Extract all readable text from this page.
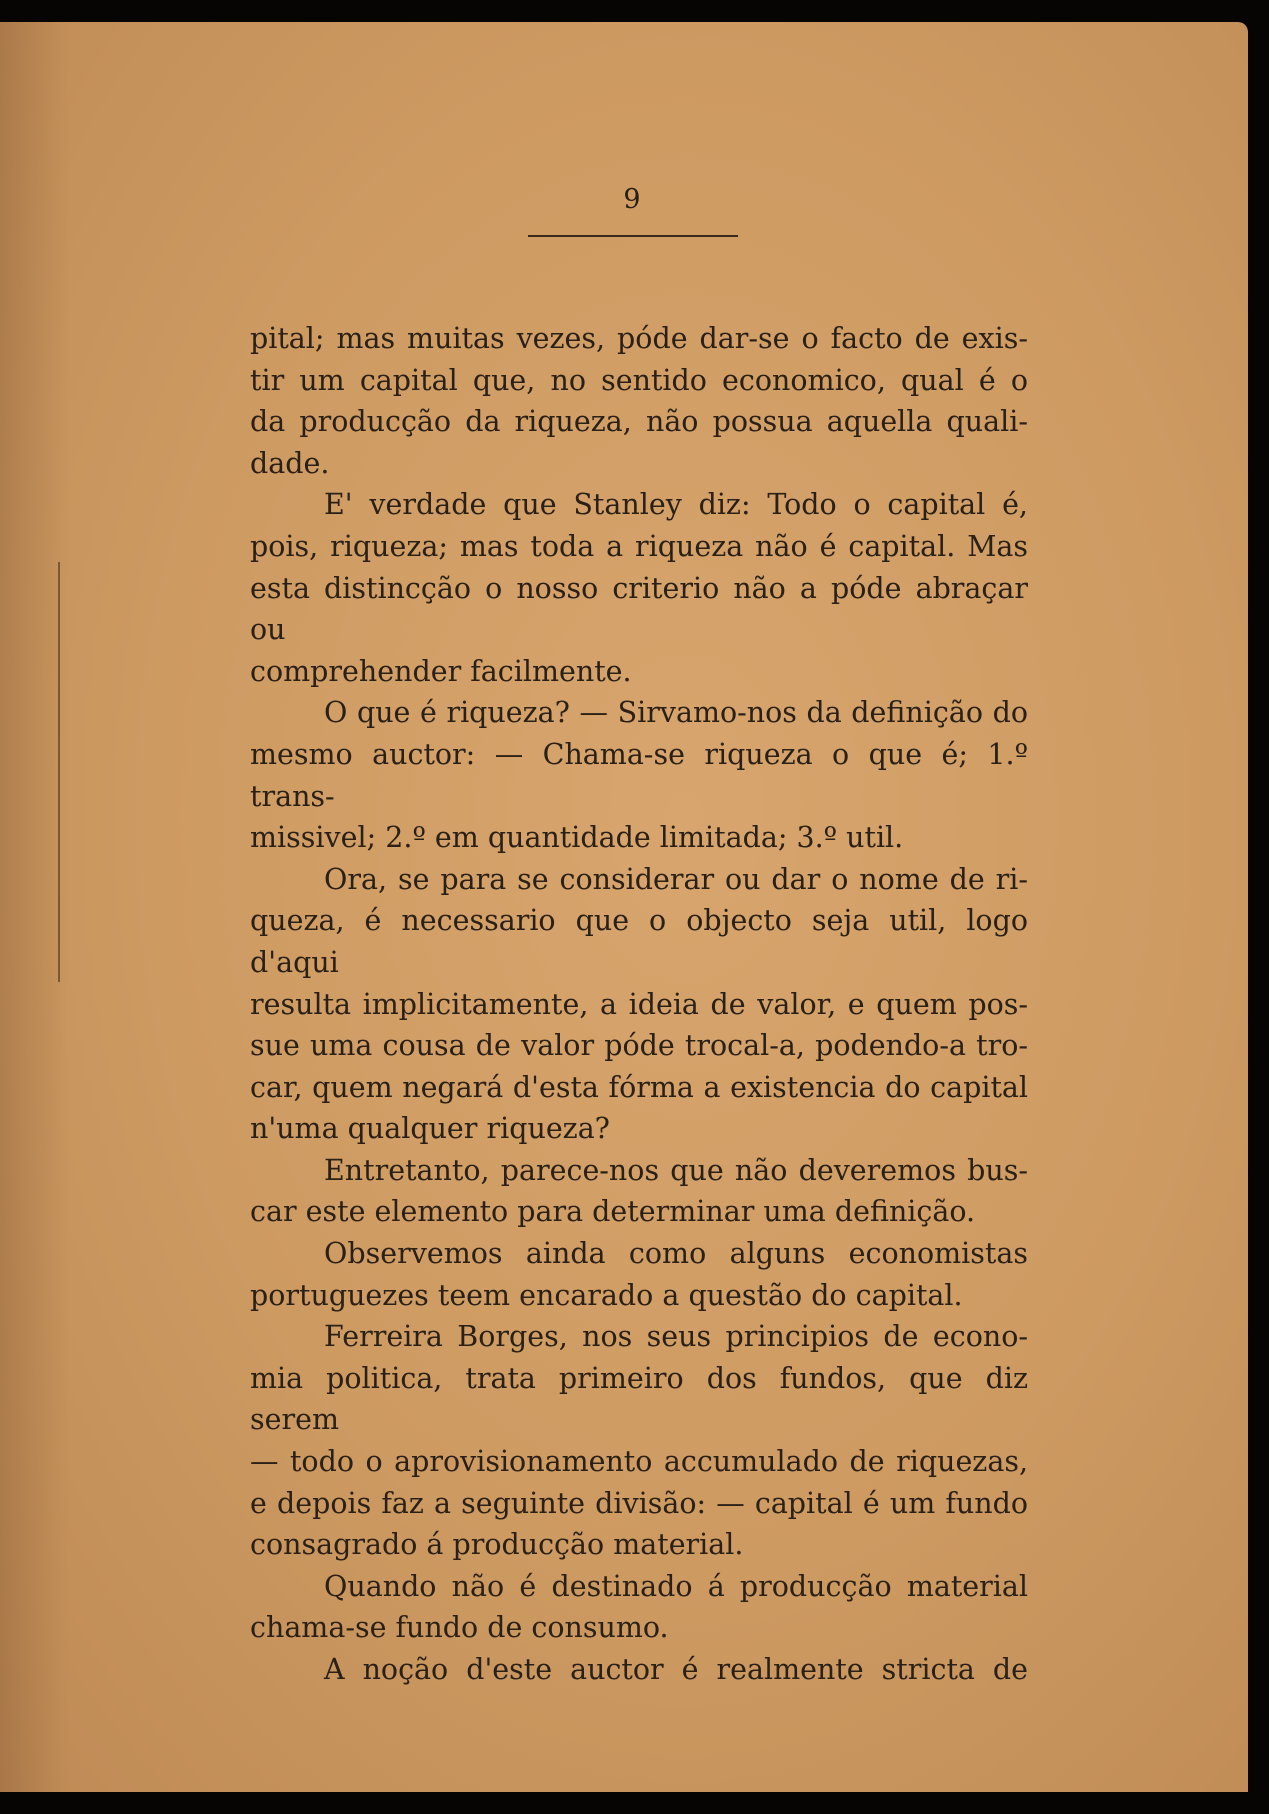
9
pital; mas muitas vezes, póde dar-se o facto de exis-
tir um capital que, no sentido economico, qual é o
da producção da riqueza, não possua aquella quali-
dade.
E' verdade que Stanley diz: Todo o capital é,
pois, riqueza; mas toda a riqueza não é capital. Mas
esta distincção o nosso criterio não a póde abraçar ou
comprehender facilmente.
O que é riqueza? — Sirvamo-nos da definição do
mesmo auctor: — Chama-se riqueza o que é; 1.º trans-
missivel; 2.º em quantidade limitada; 3.º util.
Ora, se para se considerar ou dar o nome de ri-
queza, é necessario que o objecto seja util, logo d'aqui
resulta implicitamente, a ideia de valor, e quem pos-
sue uma cousa de valor póde trocal-a, podendo-a tro-
car, quem negará d'esta fórma a existencia do capital
n'uma qualquer riqueza?
Entretanto, parece-nos que não deveremos bus-
car este elemento para determinar uma definição.
Observemos ainda como alguns economistas
portuguezes teem encarado a questão do capital.
Ferreira Borges, nos seus principios de econo-
mia politica, trata primeiro dos fundos, que diz serem
— todo o aprovisionamento accumulado de riquezas,
e depois faz a seguinte divisão: — capital é um fundo
consagrado á producção material.
Quando não é destinado á producção material
chama-se fundo de consumo.
A noção d'este auctor é realmente stricta de
